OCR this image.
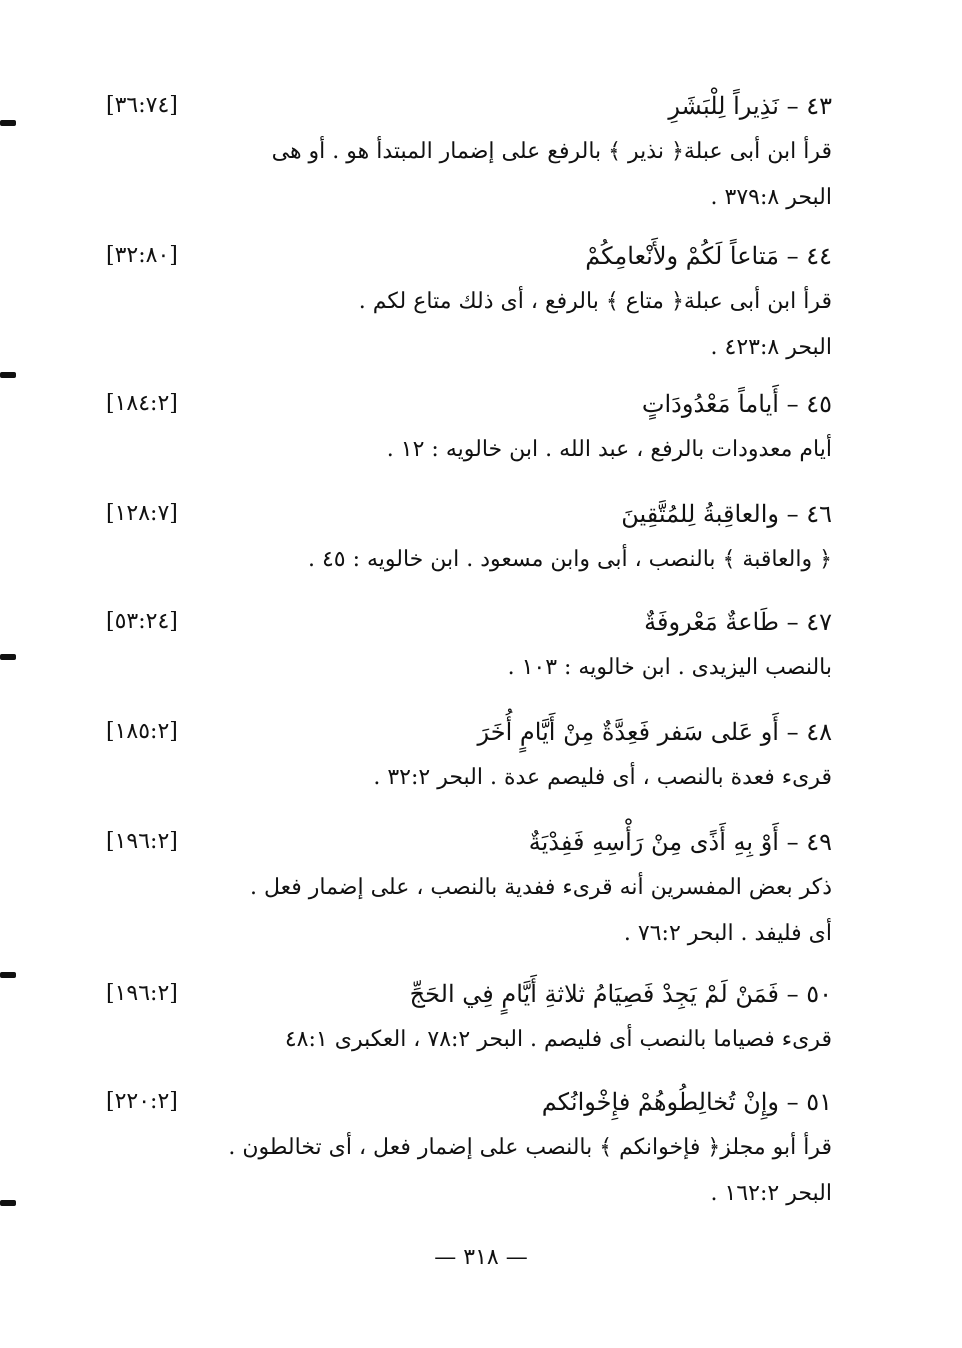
[٣٦:٧٤]	٤٣ – نَذِيراً لِلْبَشَرِ
قرأ ابن أبى عبلة﴿ نذير ﴾ بالرفع على إضمار المبتدأ هو . أو هى
البحر ٣٧٩:٨ .
[٣٢:٨٠]	٤٤ – مَتاعاً لَكُمْ ولأَنْعامِكُمْ
قرأ ابن أبى عبلة﴿ متاع ﴾ بالرفع ، أى ذلك متاع لكم .
البحر ٤٢٣:٨ .
[١٨٤:٢]	٤٥ – أَياماً مَعْدُودَاتٍ
أيام معدودات بالرفع ، عبد الله . ابن خالويه : ١٢ .
[١٢٨:٧]	٤٦ – والعاقِبةُ لِلمُتَّقِينَ
﴿ والعاقبة ﴾ بالنصب ، أبى وابن مسعود . ابن خالويه : ٤٥ .
[٥٣:٢٤]	٤٧ – طَاعةٌ مَعْروفَةٌ
بالنصب اليزيدى . ابن خالويه : ١٠٣ .
[١٨٥:٢]	٤٨ – أَو عَلى سَفر فَعِدَّةٌ مِنْ أَيَّامٍ أُخَرَ
قرىء فعدة بالنصب ، أى فليصم عدة . البحر ٣٢:٢ .
[١٩٦:٢]	٤٩ – أَوْ بِهِ أَذًى مِنْ رَأْسِهِ فَفِدْيَةٌ
ذكر بعض المفسرين أنه قرىء ففدية بالنصب ، على إضمار فعل .
أى فليفد . البحر ٧٦:٢ .
[١٩٦:٢]	٥٠ – فَمَنْ لَمْ يَجِدْ فَصِيَامُ ثلاثةِ أَيَّامٍ فِي الحَجِّ
قرىء فصياما بالنصب أى فليصم . البحر ٧٨:٢ ، العكبرى ٤٨:١
[٢٢٠:٢]	٥١ – وإِنْ تُخالِطُوهُمْ فإِخْوانُكم
قرأ أبو مجلز﴿ فإخوانكم ﴾ بالنصب على إضمار فعل ، أى تخالطون .
البحر ١٦٢:٢ .
— ٣١٨ —
